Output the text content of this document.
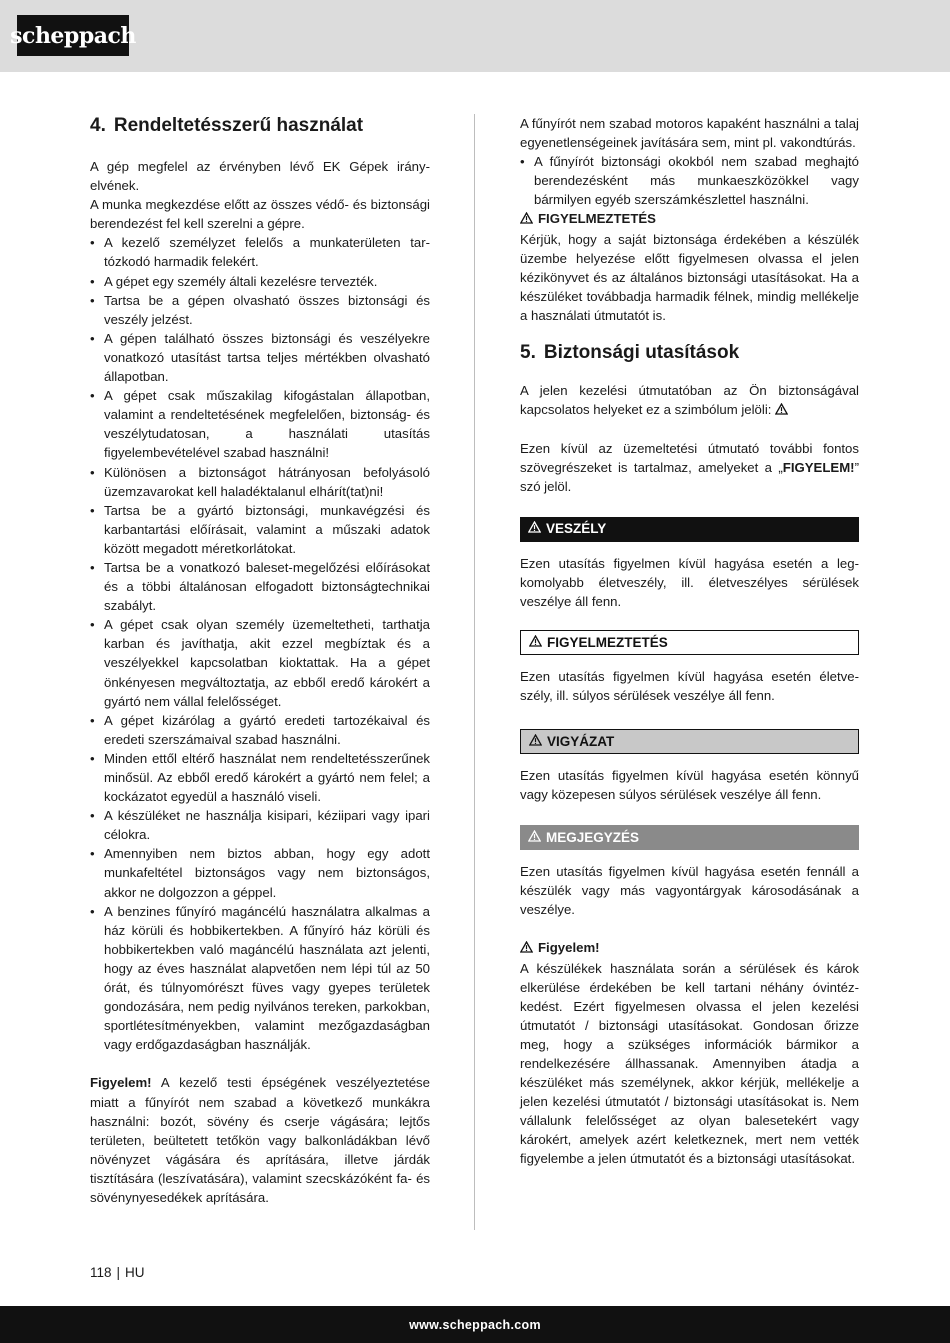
scheppach
4. Rendeltetésszerű használat

A gép megfelel az érvényben lévő EK Gépek irányelvének.

A munka megkezdése előtt az összes védő- és biztonsági berendezést fel kell szerelni a gépre.

• A kezelő személyzet felelős a munkaterületen tartózkodó harmadik felekért.
• A gépet egy személy általi kezelésre tervezték.
• Tartsa be a gépen olvasható összes biztonsági és veszély jelzést.
• A gépen található összes biztonsági és veszélyekre vonatkozó utasítást tartsa teljes mértékben olvasható állapotban.
• A gépet csak műszakilag kifogástalan állapotban, valamint a rendeltetésének megfelelően, biztonság- és veszélytudatosan, a használati utasítás figyelembevételével szabad használni!
• Különösen a biztonságot hátrányosan befolyásoló üzemzavarokat kell haladéktalanul elhárít(tat)ni!
• Tartsa be a gyártó biztonsági, munkavégzési és karbantartási előírásait, valamint a műszaki adatok között megadott méretkorlátokat.
• Tartsa be a vonatkozó baleset-megelőzési előírásokat és a többi általánosan elfogadott biztonságtechnikai szabályt.
• A gépet csak olyan személy üzemeltetheti, tarthatja karban és javíthatja, akit ezzel megbíztak és a veszélyekkel kapcsolatban kioktattak. Ha a gépet önkényesen megváltoztatja, az ebből eredő károkért a gyártó nem vállal felelősséget.
• A gépet kizárólag a gyártó eredeti tartozékaival és eredeti szerszámaival szabad használni.
• Minden ettől eltérő használat nem rendeltetésszerűnek minősül. Az ebből eredő károkért a gyártó nem felel; a kockázatot egyedül a használó viseli.
• A készüléket ne használja kisipari, kéziipari vagy ipari célokra.
• Amennyiben nem biztos abban, hogy egy adott munkafeltétel biztonságos vagy nem biztonságos, akkor ne dolgozzon a géppel.
• A benzines fűnyíró magáncélú használatra alkalmas a ház körüli és hobbikertekben. A fűnyíró ház körüli és hobbikertekben való magáncélú használata azt jelenti, hogy az éves használat alapvetően nem lépi túl az 50 órát, és túlnyomórészt füves vagy gyepes területek gondozására, nem pedig nyilvános tereken, parkokban, sportlétesítményekben, valamint mezőgazdaságban vagy erdőgazdaságban használják.

Figyelem! A kezelő testi épségének veszélyeztetése miatt a fűnyírót nem szabad a következő munkákra használni: bozót, sövény és cserje vágására; lejtős területen, beültetett tetőkön vagy balkonládákban lévő növényzet vágására és aprítására, illetve járdák tisztítására (leszívatására), valamint szecskázóként fa- és sövénynyesedékek aprítására.

A fűnyírót nem szabad motoros kapaként használni a talaj egyenetlenségeinek javítására sem, mint pl. vakondtúrás.

• A fűnyírót biztonsági okokból nem szabad meghajtó berendezésként más munkaeszközökkel vagy bármilyen egyéb szerszámkészlettel használni.
FIGYELMEZTETÉS

Kérjük, hogy a saját biztonsága érdekében a készülék üzembe helyezése előtt figyelmesen olvassa el jelen kézikönyvet és az általános biztonsági utasításokat. Ha a készüléket továbbadja harmadik félnek, mindig mellékelje a használati útmutatót is.

5. Biztonsági utasítások

A jelen kezelési útmutatóban az Ön biztonságával kapcsolatos helyeket ez a szimbólum jelöli:

Ezen kívül az üzemeltetési útmutató további fontos szövegrészeket is tartalmaz, amelyeket a „FIGYELEM!” szó jelöl.

VESZÉLY

Ezen utasítás figyelmen kívül hagyása esetén a legkomolyabb életveszély, ill. életveszélyes sérülések veszélye áll fenn.

FIGYELMEZTETÉS

Ezen utasítás figyelmen kívül hagyása esetén életveszély, ill. súlyos sérülések veszélye áll fenn.

VIGYÁZAT

Ezen utasítás figyelmen kívül hagyása esetén könnyű vagy közepesen súlyos sérülések veszélye áll fenn.

MEGJEGYZÉS

Ezen utasítás figyelmen kívül hagyása esetén fennáll a készülék vagy más vagyontárgyak károsodásának a veszélye.

Figyelem!

A készülékek használata során a sérülések és károk elkerülése érdekében be kell tartani néhány óvintézkedést. Ezért figyelmesen olvassa el jelen kezelési útmutatót / biztonsági utasításokat. Gondosan őrizze meg, hogy a szükséges információk bármikor a rendelkezésére állhassanak. Amennyiben átadja a készüléket más személynek, akkor kérjük, mellékelje a jelen kezelési útmutatót / biztonsági utasításokat is. Nem vállalunk felelősséget az olyan balesetekért vagy károkért, amelyek azért keletkeznek, mert nem vették figyelembe a jelen útmutatót és a biztonsági utasításokat.

118 | HU
www.scheppach.com
